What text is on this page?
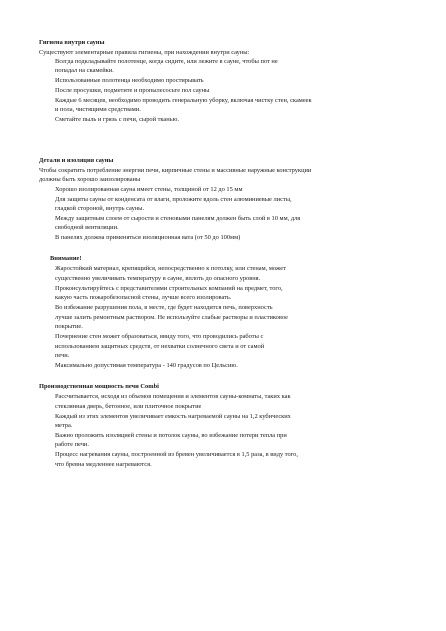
Гигиена внутри сауны
Существуют элементарные правила гигиены, при нахождении внутри сауны:
Всегда подкладывайте полотенце, когда сидите, или лежите в сауне, чтобы пот не
попадал на скамейки.
Использованные полотенца необходимо простирывать
После просушки, подметите и пропылесосьте пол сауны
Каждые 6 месяцев, необходимо проводить генеральную уборку, включая чистку стен, скамеек
и пола, чистящими средствами.
Сметайте пыль и грязь с печи, сырой тканью.
Детали и изоляция сауны
Чтобы сократить потребление энергии печи, кирпичные стены и массивные наружные конструкции
должны быть хорошо заизолированы
Хорошо изолированная сауна имеет стены, толщиной от 12 до 15 мм
Для защиты сауны от конденсата от влаги, проложите вдоль стен алюминиевые листы,
гладкой стороной, внутрь сауны.
Между защитным слоем от сырости и стеновыми панелям должен быть слой в 10 мм, для
свободной вентиляции.
В панелях должна применяться изоляционная вата (от 50 до 100мм)
Внимание!
Жаростойкий материал, крепящийся, непосредственно к потолку, или стенам, может
существенно увеличивать температуру в сауне, вплоть до опасного уровня.
Проконсультируйтесь с представителями строительных компаний на предмет, того,
какую часть пожаробезопасной стены, лучше всего изолировать.
Во избежание разрушения пола, в месте, где будет находится печь, поверхность
лучше залить ремонтным раствором. Не используйте слабые растворы и пластиковое
покрытие.
Почернение стен может образоваться, ввиду того, что проводились работы с
использованием защитных средств, от нехватки солнечного света и от самой
печи.
Максимально допустимая температура - 140 градусов по Цельсию.
Производственная мощность печи Combi
Рассчитывается, исходя из объемов помещения и элементов сауны-комнаты, таких как
стеклянная дверь, бетонное, или плиточное покрытие
Каждый из этих элементов увеличивает емкость нагреваемой сауны на 1,2 кубических
метра.
Важно проложить изоляцией стены и потолок сауны, во избежание потери тепла при
работе печи.
Процесс нагревания сауны, построенной из бревен увеличивается в 1,5 раза, в виду того,
что бревна медленнее нагреваются.
